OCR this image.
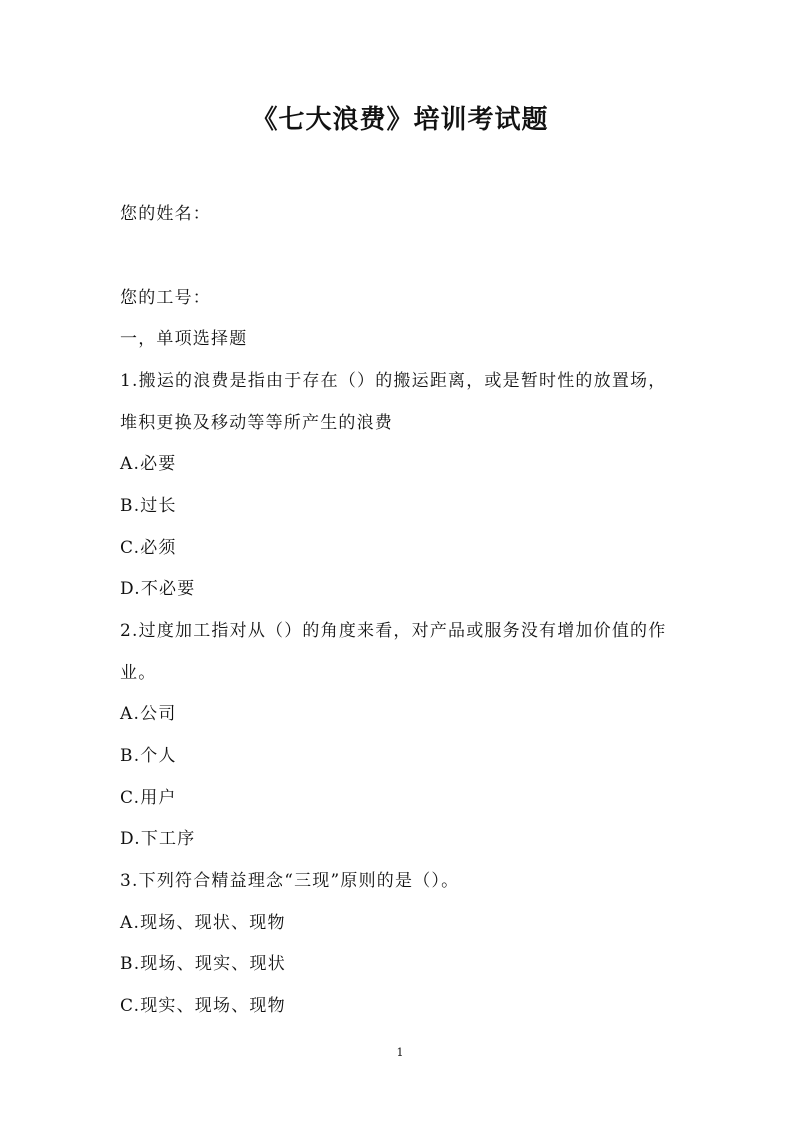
《七大浪费》培训考试题
您的姓名：
您的工号：
一，单项选择题
1.搬运的浪费是指由于存在（）的搬运距离，或是暂时性的放置场，
堆积更换及移动等等所产生的浪费
A.必要
B.过长
C.必须
D.不必要
2.过度加工指对从（）的角度来看，对产品或服务没有增加价值的作
业。
A.公司
B.个人
C.用户
D.下工序
3.下列符合精益理念“三现”原则的是（）。
A.现场、现状、现物
B.现场、现实、现状
C.现实、现场、现物
1
